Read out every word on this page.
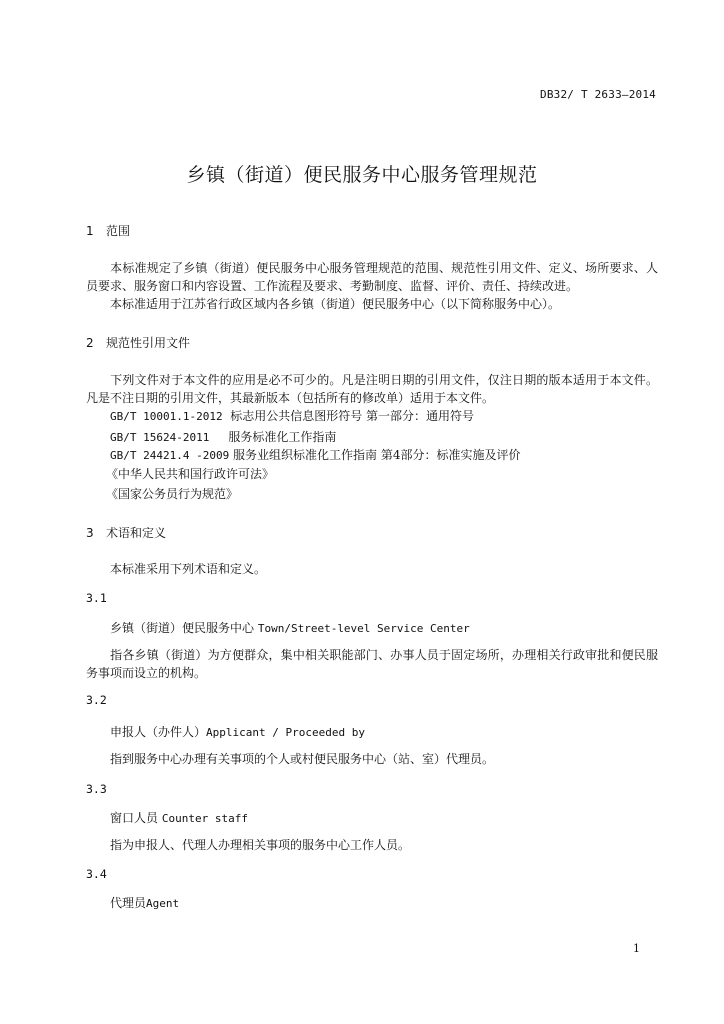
DB32/ T 2633—2014
乡镇（街道）便民服务中心服务管理规范
1 范围
本标准规定了乡镇（街道）便民服务中心服务管理规范的范围、规范性引用文件、定义、场所要求、人员要求、服务窗口和内容设置、工作流程及要求、考勤制度、监督、评价、责任、持续改进。
本标准适用于江苏省行政区域内各乡镇（街道）便民服务中心（以下简称服务中心）。
2 规范性引用文件
下列文件对于本文件的应用是必不可少的。凡是注明日期的引用文件，仅注日期的版本适用于本文件。凡是不注日期的引用文件，其最新版本（包括所有的修改单）适用于本文件。
GB/T 10001.1-2012 标志用公共信息图形符号 第一部分：通用符号
GB/T 15624-2011 服务标准化工作指南
GB/T 24421.4 -2009 服务业组织标准化工作指南 第4部分：标准实施及评价
《中华人民共和国行政许可法》
《国家公务员行为规范》
3 术语和定义
本标准采用下列术语和定义。
3.1
乡镇（街道）便民服务中心 Town/Street-level Service Center
指各乡镇（街道）为方便群众，集中相关职能部门、办事人员于固定场所，办理相关行政审批和便民服务事项而设立的机构。
3.2
申报人（办件人）Applicant / Proceeded by
指到服务中心办理有关事项的个人或村便民服务中心（站、室）代理员。
3.3
窗口人员 Counter staff
指为申报人、代理人办理相关事项的服务中心工作人员。
3.4
代理员Agent
1
